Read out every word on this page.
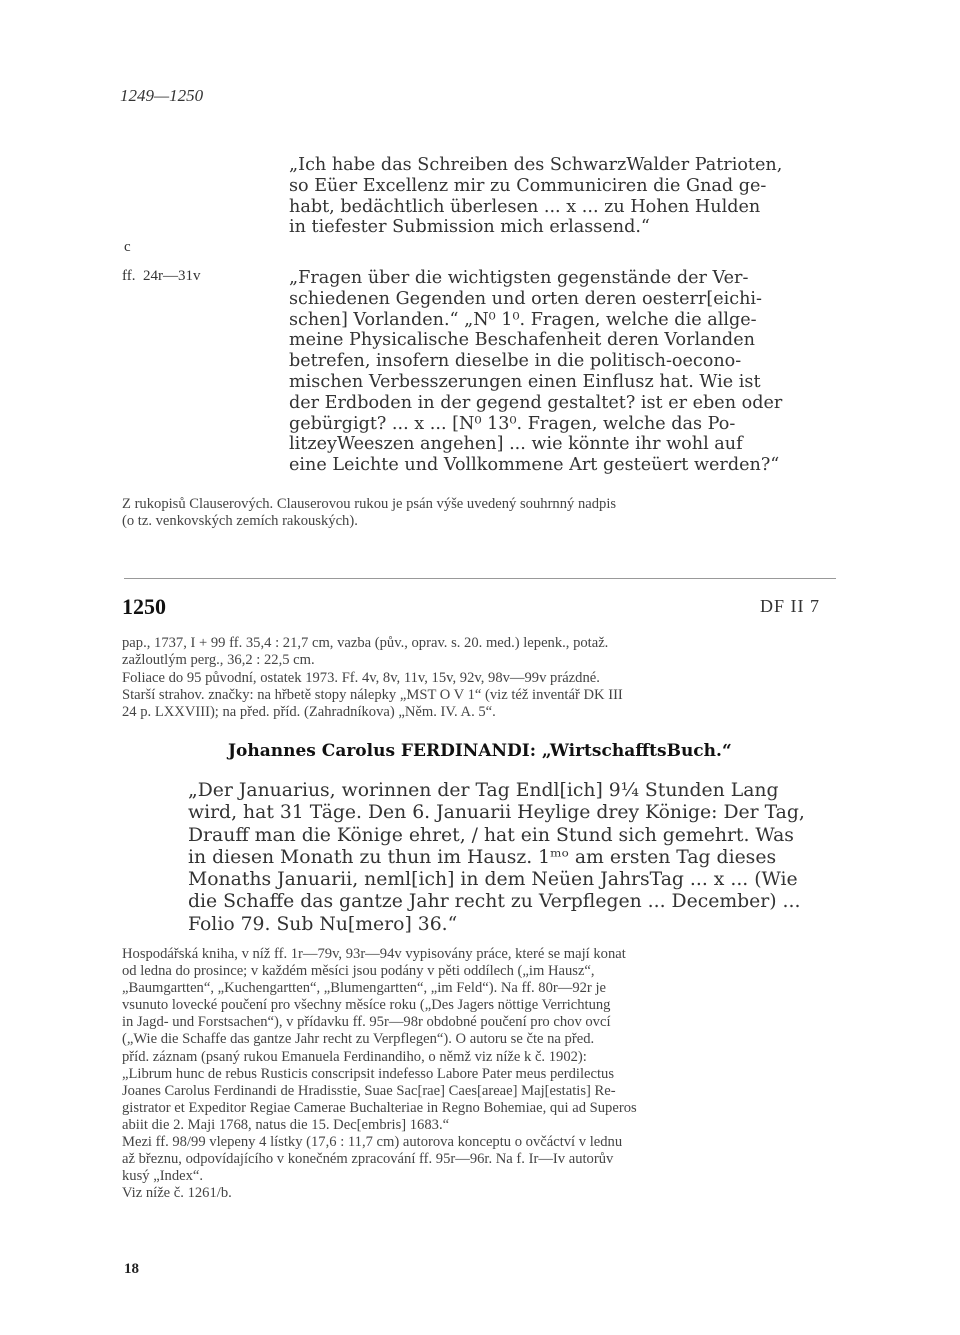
1249—1250
„Ich habe das Schreiben des SchwarzWalder Patrioten,
so Eüer Excellenz mir zu Communiciren die Gnad ge-
habt, bedächtlich überlesen ... x ... zu Hohen Hulden
in tiefester Submission mich erlassend.“
c
ff.  24r—31v	„Fragen über die wichtigsten gegenstände der Ver-
schiedenen Gegenden und orten deren oesterr[eichi-
schen] Vorlanden.“ „N⁰ 1⁰. Fragen, welche die allge-
meine Physicalische Beschafenheit deren Vorlanden
betrefen, insofern dieselbe in die politisch-oecono-
mischen Verbesszerungen einen Einflusz hat. Wie ist
der Erdboden in der gegend gestaltet? ist er eben oder
gebürgigt? ... x ... [N⁰ 13⁰. Fragen, welche das Po-
litzeyWeeszen angehen] ... wie könnte ihr wohl auf
eine Leichte und Vollkommene Art gesteüert werden?“
Z rukopisů Clauserových. Clauserovou rukou je psán výše uvedený souhrnný nadpis
(o tz. venkovských zemích rakouských).
1250	DF II 7
pap., 1737, I + 99 ff. 35,4 : 21,7 cm, vazba (pův., oprav. s. 20. med.) lepenk., potaž.
zažloutlým perg., 36,2 : 22,5 cm.
Foliace do 95 původní, ostatek 1973. Ff. 4v, 8v, 11v, 15v, 92v, 98v—99v prázdné.
Starší strahov. značky: na hřbetě stopy nálepky „MST O V 1“ (viz též inventář DK III
24 p. LXXVIII); na před. příd. (Zahradníkova) „Něm. IV. A. 5“.
Johannes Carolus FERDINANDI: „WirtschafftsBuch.“
„Der Januarius, worinnen der Tag Endl[ich] 9¼ Stunden Lang
wird, hat 31 Täge. Den 6. Januarii Heylige drey Könige: Der Tag,
Drauff man die Könige ehret, / hat ein Stund sich gemehrt. Was
in diesen Monath zu thun im Hausz. 1ᵐᵒ am ersten Tag dieses
Monaths Januarii, neml[ich] in dem Neüen JahrsTag ... x ... (Wie
die Schaffe das gantze Jahr recht zu Verpflegen ... December) ...
Folio 79. Sub Nu[mero] 36.“
Hospodářská kniha, v níž ff. 1r—79v, 93r—94v vypisovány práce, které se mají konat
od ledna do prosince; v každém měsíci jsou podány v pěti oddílech („im Hausz“,
„Baumgartten“, „Kuchengartten“, „Blumengartten“, „im Feld“). Na ff. 80r—92r je
vsunuto lovecké poučení pro všechny měsíce roku („Des Jagers nöttige Verrichtung
in Jagd- und Forstsachen“), v přídavku ff. 95r—98r obdobné poučení pro chov ovcí
(„Wie die Schaffe das gantze Jahr recht zu Verpflegen“). O autoru se čte na před.
příd. záznam (psaný rukou Emanuela Ferdinandiho, o němž viz níže k č. 1902):
„Librum hunc de rebus Rusticis conscripsit indefesso Labore Pater meus perdilectus
Joanes Carolus Ferdinandi de Hradisstie, Suae Sac[rae] Caes[areae] Maj[estatis] Re-
gistrator et Expeditor Regiae Camerae Buchalteriae in Regno Bohemiae, qui ad Superos
abiit die 2. Maji 1768, natus die 15. Dec[embris] 1683.“
Mezi ff. 98/99 vlepeny 4 lístky (17,6 : 11,7 cm) autorova konceptu o ovčáctví v lednu
až březnu, odpovídajícího v konečném zpracování ff. 95r—96r. Na f. Ir—Iv autorův
kusý „Index“.
Viz níže č. 1261/b.
18
